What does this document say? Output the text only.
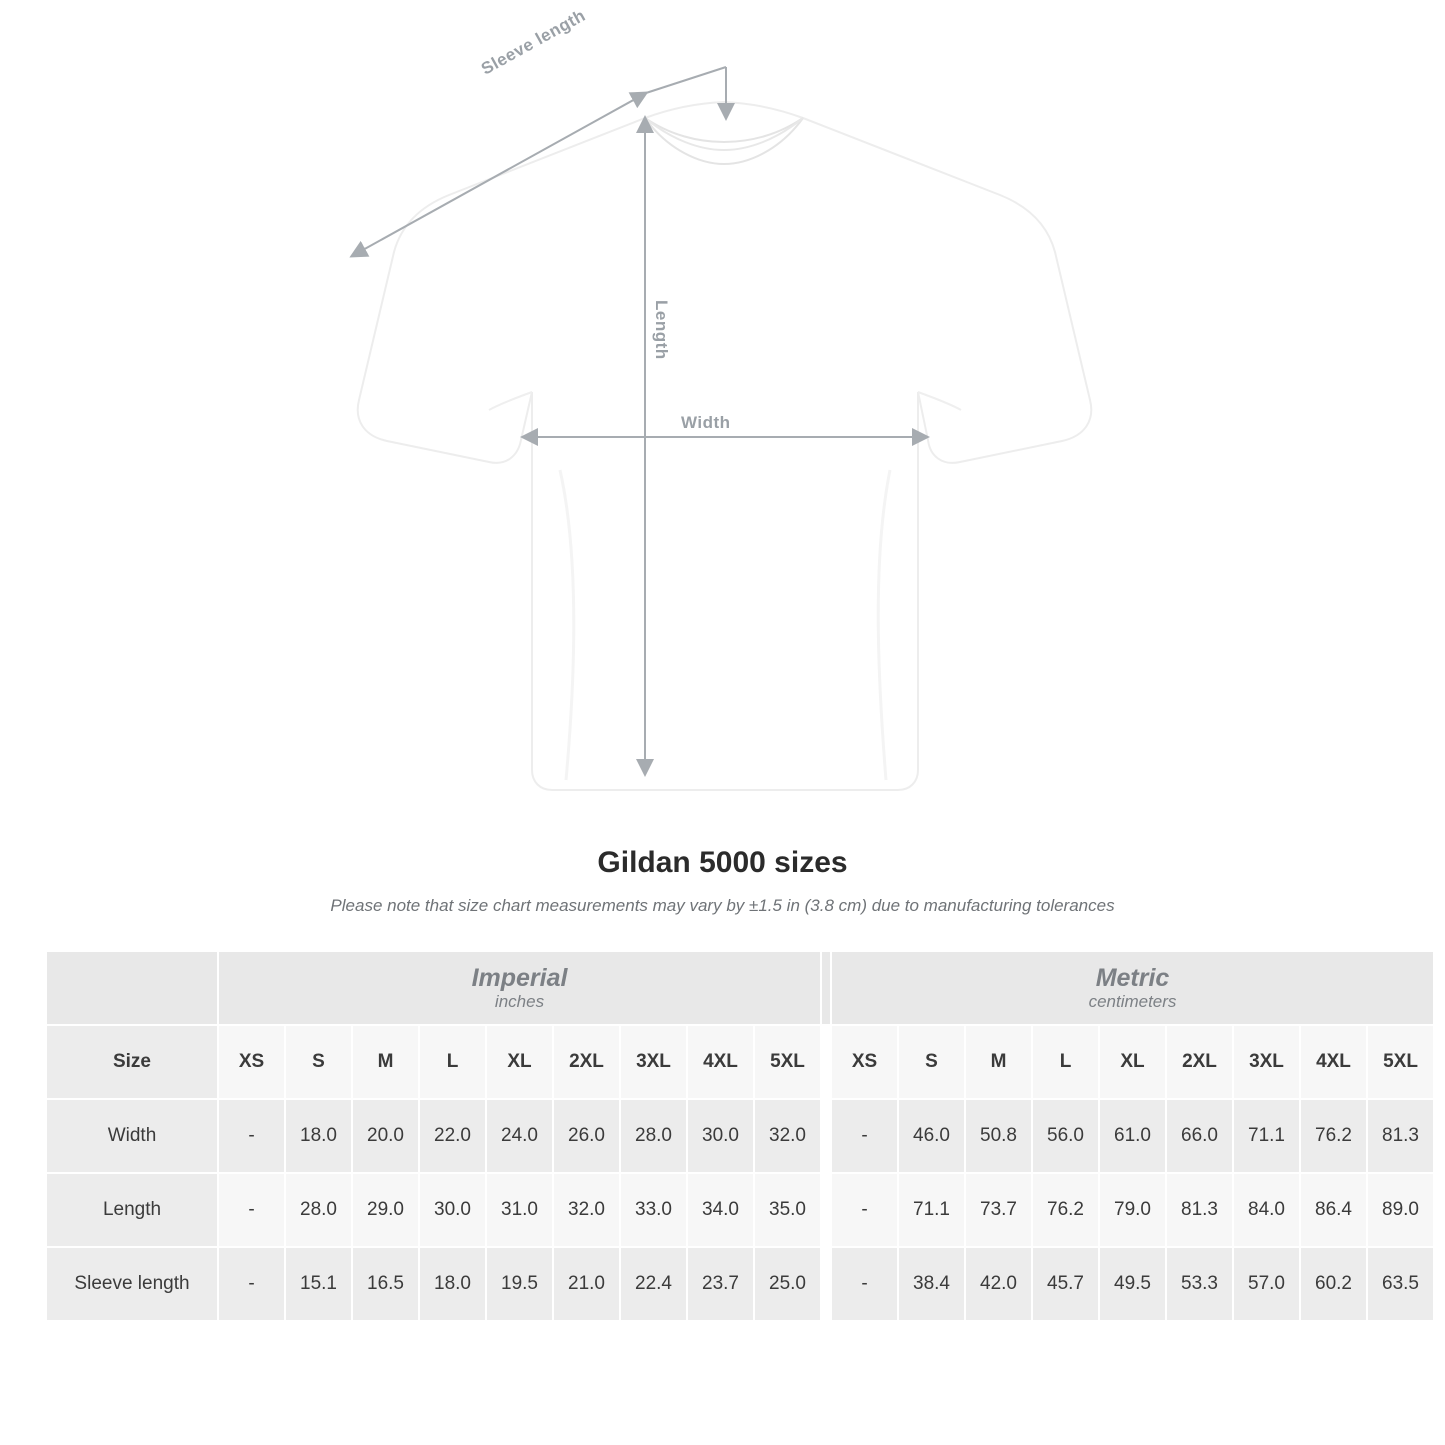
Sleeve length
Length
Width
Gildan 5000 sizes

Please note that size chart measurements may vary by ±1.5 in (3.8 cm) due to manufacturing tolerances

	Imperial
inches										Metric
centimeters								

Size	XS	S	M	L	XL	2XL	3XL	4XL	5XL		XS	S	M	L	XL	2XL	3XL	4XL	5XL
Width	-	18.0	20.0	22.0	24.0	26.0	28.0	30.0	32.0		-	46.0	50.8	56.0	61.0	66.0	71.1	76.2	81.3
Length	-	28.0	29.0	30.0	31.0	32.0	33.0	34.0	35.0		-	71.1	73.7	76.2	79.0	81.3	84.0	86.4	89.0
Sleeve length	-	15.1	16.5	18.0	19.5	21.0	22.4	23.7	25.0		-	38.4	42.0	45.7	49.5	53.3	57.0	60.2	63.5
